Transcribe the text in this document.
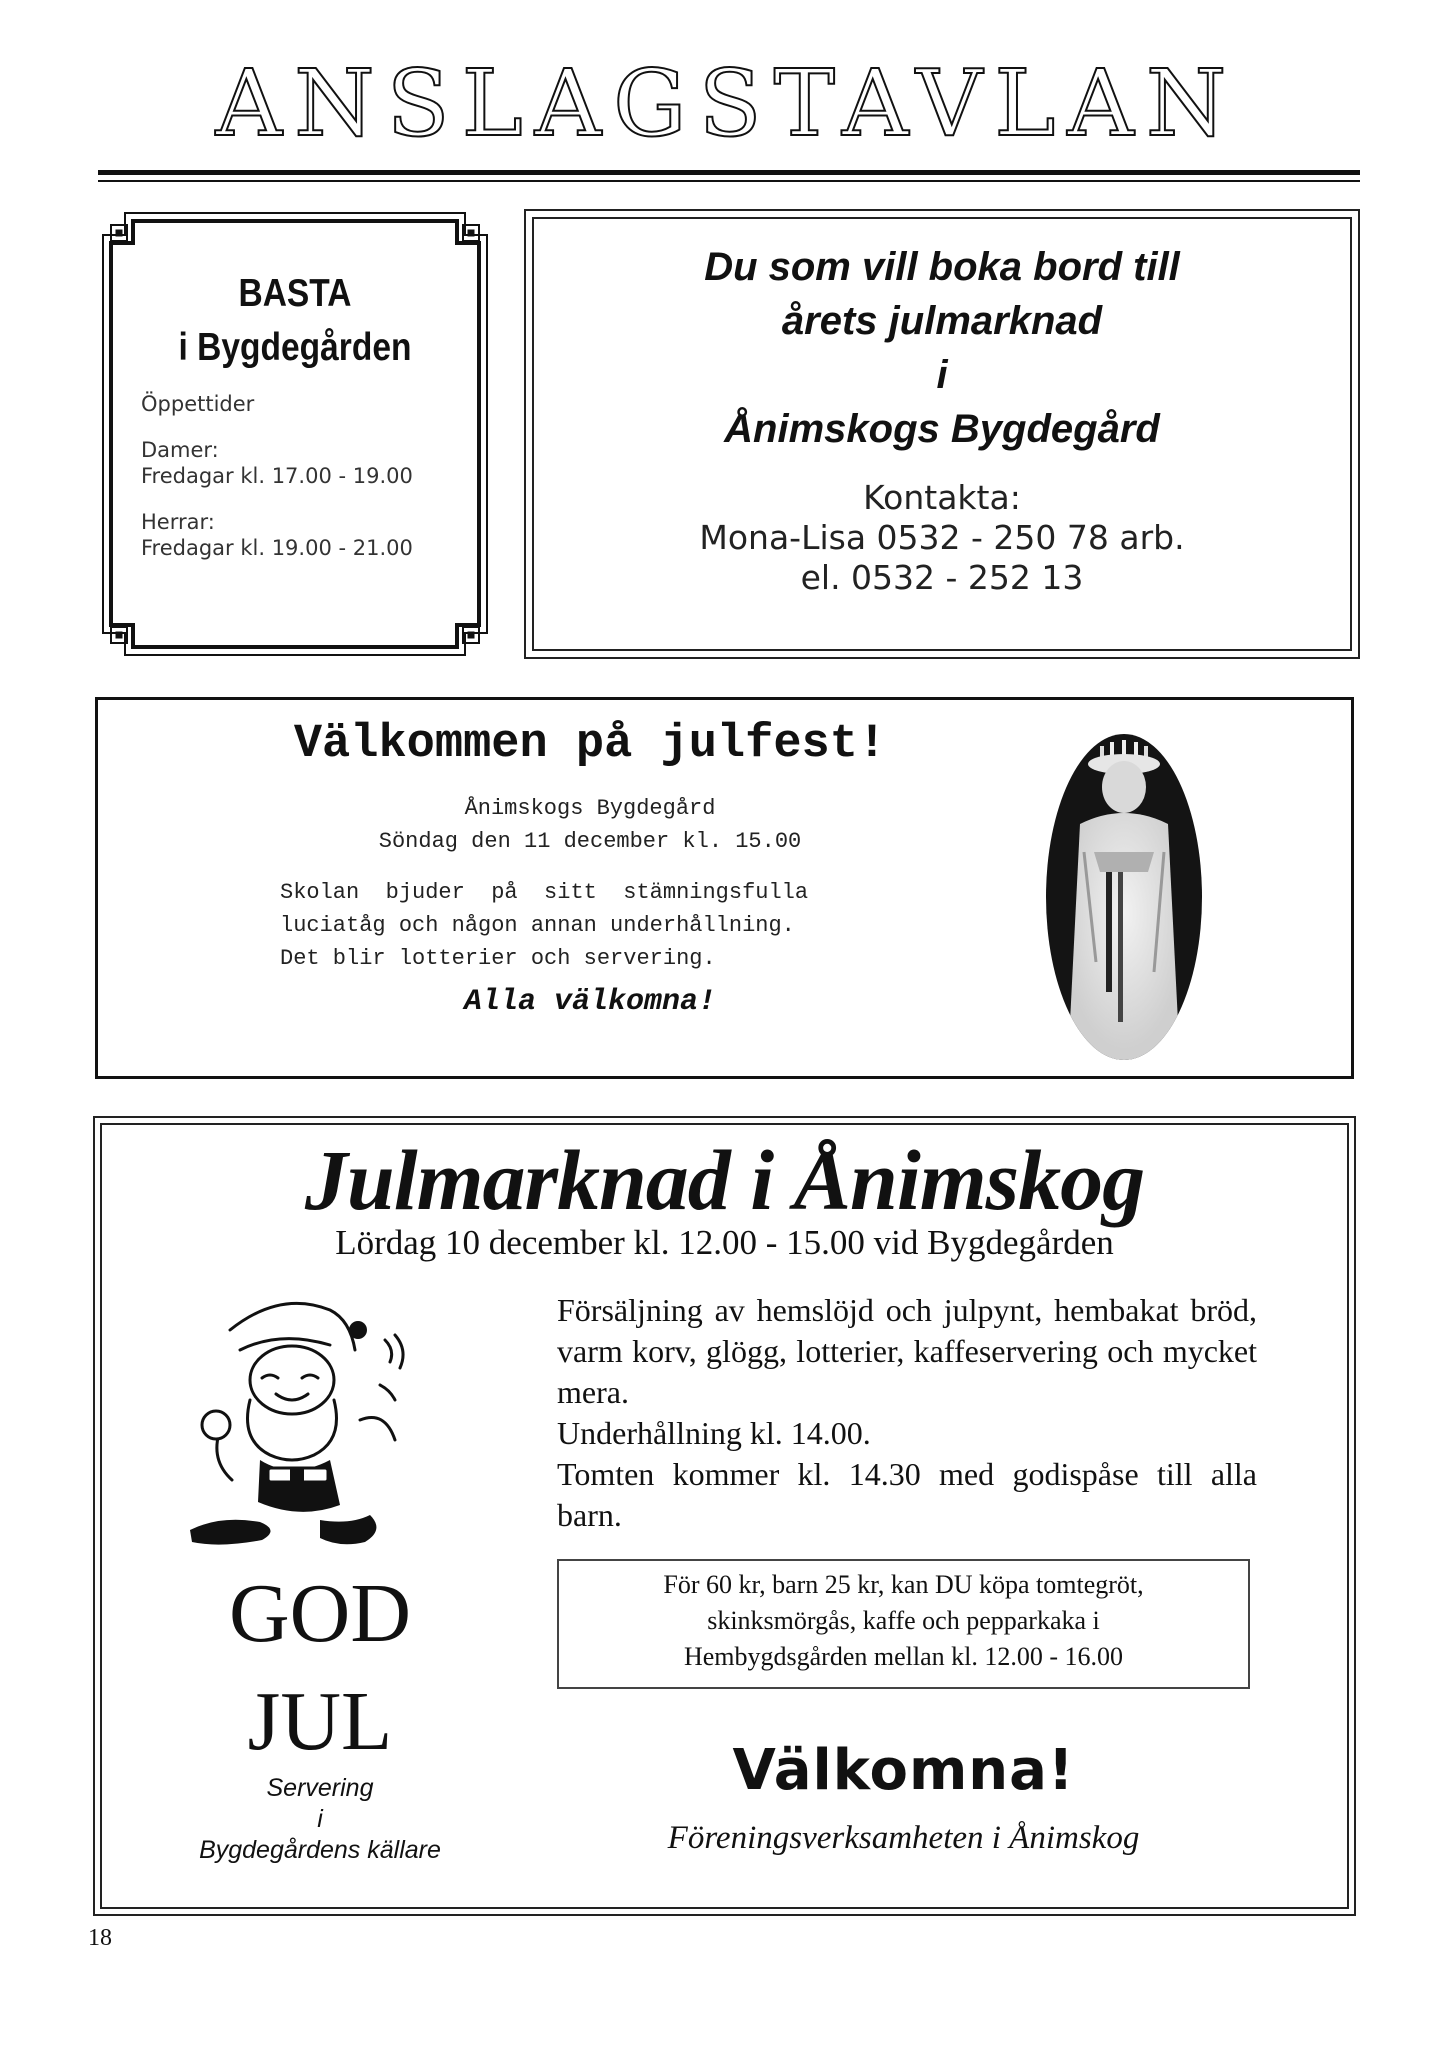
ANSLAGSTAVLAN
BASTA
i Bygdegården
Öppettider
Damer:
Fredagar kl. 17.00 - 19.00
Herrar:
Fredagar kl. 19.00 - 21.00
Du som vill boka bord till
årets julmarknad
i
Ånimskogs Bygdegård
Kontakta:
Mona-Lisa 0532 - 250 78 arb.
el. 0532 - 252 13
Välkommen på julfest!
Ånimskogs Bygdegård
Söndag den 11 december kl. 15.00
Skolan  bjuder  på  sitt  stämningsfulla
luciatåg och någon annan underhållning.
Det blir lotterier och servering.
Alla välkomna!
Julmarknad i Ånimskog
Lördag 10 december kl. 12.00 - 15.00 vid Bygdegården

Försäljning av hemslöjd och julpynt, hembakat bröd, varm korv, glögg, lotterier, kaffeservering och mycket mera.

Underhållning kl. 14.00.

Tomten kommer kl. 14.30 med godispåse till alla barn.

För 60 kr, barn 25 kr, kan DU köpa tomtegröt,
skinksmörgås, kaffe och pepparkaka i
Hembygdsgården mellan kl. 12.00 - 16.00
Välkomna!
Föreningsverksamheten i Ånimskog
GOD
JUL
Servering
i
Bygdegårdens källare
18
